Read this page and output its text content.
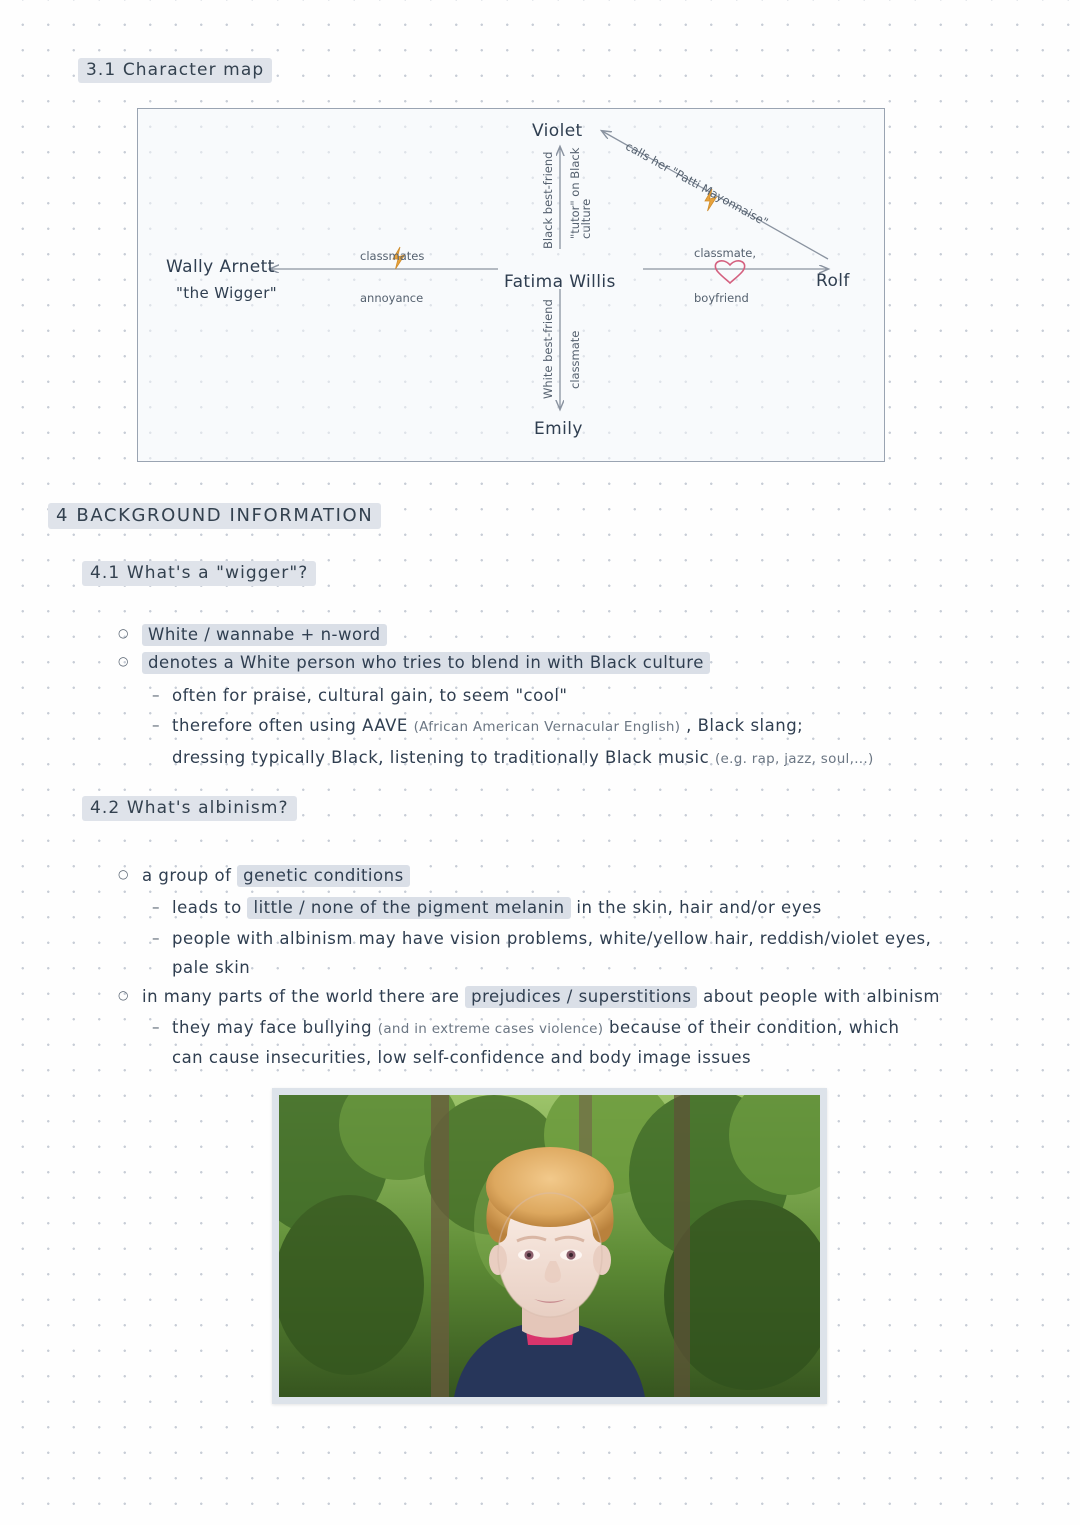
3.1 Character map
Violet
Emily
Fatima Willis
Wally Arnett
"the Wigger"
Rolf
Black best-friend "tutor" on Black culture
White best-friend classmate
classmates
annoyance
classmate,
boyfriend
calls her "Patti Mayonnaise"
4 BACKGROUND INFORMATION
4.1 What's a "wigger"?
○	White / wannabe + n-word
○	denotes a White person who tries to blend in with Black culture
– often for praise, cultural gain, to seem "cool"
– therefore often using AAVE (African American Vernacular English) , Black slang;
dressing typically Black, listening to traditionally Black music (e.g. rap, jazz, soul,...)
4.2 What's albinism?
○ a group of genetic conditions
– leads to little / none of the pigment melanin in the skin, hair and/or eyes
– people with albinism may have vision problems, white/yellow hair, reddish/violet eyes,
pale skin
○ in many parts of the world there are prejudices / superstitions about people with albinism
– they may face bullying (and in extreme cases violence) because of their condition, which
can cause insecurities, low self-confidence and body image issues
